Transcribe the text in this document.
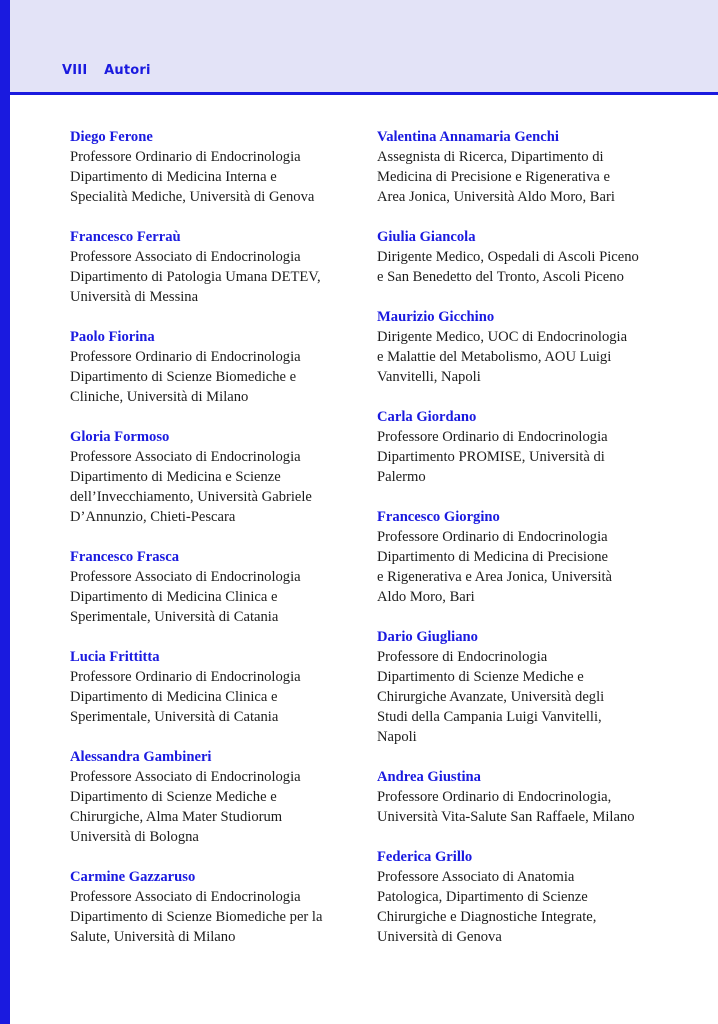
VIII Autori
Diego Ferone
Professore Ordinario di Endocrinologia
Dipartimento di Medicina Interna e
Specialità Mediche, Università di Genova
Francesco Ferraù
Professore Associato di Endocrinologia
Dipartimento di Patologia Umana DETEV,
Università di Messina
Paolo Fiorina
Professore Ordinario di Endocrinologia
Dipartimento di Scienze Biomediche e
Cliniche, Università di Milano
Gloria Formoso
Professore Associato di Endocrinologia
Dipartimento di Medicina e Scienze
dell’Invecchiamento, Università Gabriele
D’Annunzio, Chieti-Pescara
Francesco Frasca
Professore Associato di Endocrinologia
Dipartimento di Medicina Clinica e
Sperimentale, Università di Catania
Lucia Frittitta
Professore Ordinario di Endocrinologia
Dipartimento di Medicina Clinica e
Sperimentale, Università di Catania
Alessandra Gambineri
Professore Associato di Endocrinologia
Dipartimento di Scienze Mediche e
Chirurgiche, Alma Mater Studiorum
Università di Bologna
Carmine Gazzaruso
Professore Associato di Endocrinologia
Dipartimento di Scienze Biomediche per la
Salute, Università di Milano
Valentina Annamaria Genchi
Assegnista di Ricerca, Dipartimento di
Medicina di Precisione e Rigenerativa e
Area Jonica, Università Aldo Moro, Bari
Giulia Giancola
Dirigente Medico, Ospedali di Ascoli Piceno
e San Benedetto del Tronto, Ascoli Piceno
Maurizio Gicchino
Dirigente Medico, UOC di Endocrinologia
e Malattie del Metabolismo, AOU Luigi
Vanvitelli, Napoli
Carla Giordano
Professore Ordinario di Endocrinologia
Dipartimento PROMISE, Università di
Palermo
Francesco Giorgino
Professore Ordinario di Endocrinologia
Dipartimento di Medicina di Precisione
e Rigenerativa e Area Jonica, Università
Aldo Moro, Bari
Dario Giugliano
Professore di Endocrinologia
Dipartimento di Scienze Mediche e
Chirurgiche Avanzate, Università degli
Studi della Campania Luigi Vanvitelli,
Napoli
Andrea Giustina
Professore Ordinario di Endocrinologia,
Università Vita-Salute San Raffaele, Milano
Federica Grillo
Professore Associato di Anatomia
Patologica, Dipartimento di Scienze
Chirurgiche e Diagnostiche Integrate,
Università di Genova
